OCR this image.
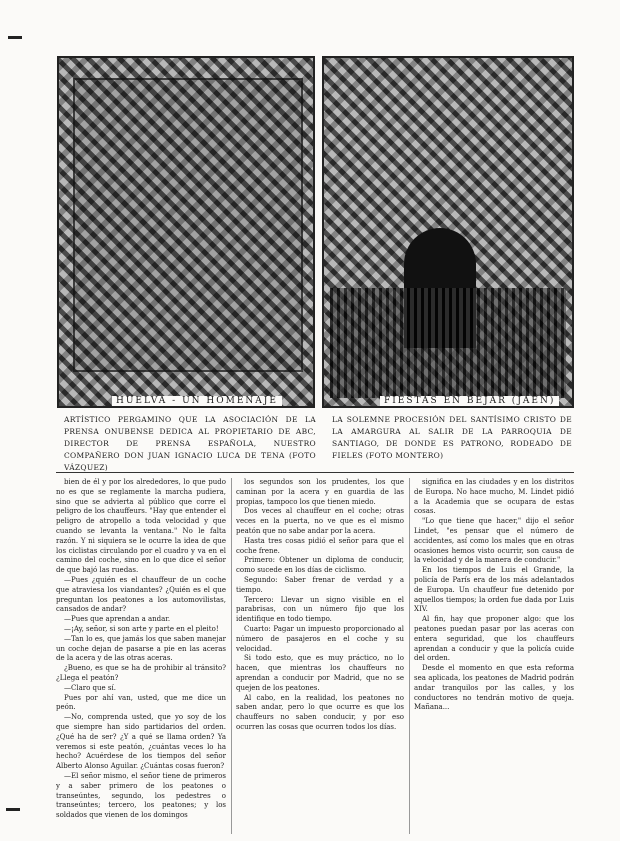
HUELVA - UN HOMENAJE	FIESTAS EN BÉJAR (JAÉN)
ARTÍSTICO PERGAMINO QUE LA ASOCIACIÓN DE LA PRENSA ONUBENSE DEDICA AL PROPIETARIO DE ABC, DIRECTOR DE PRENSA ESPAÑOLA, NUESTRO COMPAÑERO DON JUAN IGNACIO LUCA DE TENA (FOTO VÁZQUEZ)
LA SOLEMNE PROCESIÓN DEL SANTÍSIMO CRISTO DE LA AMARGURA AL SALIR DE LA PARROQUIA DE SANTIAGO, DE DONDE ES PATRONO, RODEADO DE FIELES (FOTO MONTERO)

bien de él y por los alrededores, lo que pudo no es que se reglamente la marcha pudiera, sino que se advierta al público que corre el peligro de los chauffeurs. "Hay que entender el peligro de atropello a toda velocidad y que cuando se levanta la ventana." No le falta razón. Y ni siquiera se le ocurre la idea de que los ciclistas circulando por el cuadro y va en el camino del coche, sino en lo que dice el señor de que bajó las ruedas.

—Pues ¿quién es el chauffeur de un coche que atraviesa los viandantes? ¿Quién es el que preguntan los peatones a los automovilistas, cansados de andar?

—Pues que aprendan a andar.

—¡Ay, señor, si son arte y parte en el pleito!

—Tan lo es, que jamás los que saben manejar un coche dejan de pasarse a pie en las aceras de la acera y de las otras aceras.

¿Bueno, es que se ha de prohibir al tránsito? ¿Llega el peatón?

—Claro que sí.

Pues por ahí van, usted, que me dice un peón.

—No, comprenda usted, que yo soy de los que siempre han sido partidarios del orden. ¿Qué ha de ser? ¿Y a qué se llama orden? Ya veremos si este peatón, ¿cuántas veces lo ha hecho? Acuérdese de los tiempos del señor Alberto Alonso Aguilar. ¿Cuántas cosas fueron?

—El señor mismo, el señor tiene de primeros y a saber primero de los peatones o transeúntes, segundo, los pedestres o transeúntes; tercero, los peatones; y los soldados que vienen de los domingos

los segundos son los prudentes, los que caminan por la acera y en guardia de las propias, tampoco los que tienen miedo.

Dos veces al chauffeur en el coche; otras veces en la puerta, no ve que es el mismo peatón que no sabe andar por la acera.

Hasta tres cosas pidió el señor para que el coche frene.

Primero: Obtener un diploma de conducir, como sucede en los días de ciclismo.

Segundo: Saber frenar de verdad y a tiempo.

Tercero: Llevar un signo visible en el parabrisas, con un número fijo que los identifique en todo tiempo.

Cuarto: Pagar un impuesto proporcionado al número de pasajeros en el coche y su velocidad.

Si todo esto, que es muy práctico, no lo hacen, que mientras los chauffeurs no aprendan a conducir por Madrid, que no se quejen de los peatones.

Al cabo, en la realidad, los peatones no saben andar, pero lo que ocurre es que los chauffeurs no saben conducir, y por eso ocurren las cosas que ocurren todos los días.

significa en las ciudades y en los distritos de Europa. No hace mucho, M. Lindet pidió a la Academia que se ocupara de estas cosas.

"Lo que tiene que hacer," dijo el señor Lindet, "es pensar que el número de accidentes, así como los males que en otras ocasiones hemos visto ocurrir, son causa de la velocidad y de la manera de conducir."

En los tiempos de Luis el Grande, la policía de París era de los más adelantados de Europa. Un chauffeur fue detenido por aquellos tiempos; la orden fue dada por Luis XIV.

Al fin, hay que proponer algo: que los peatones puedan pasar por las aceras con entera seguridad, que los chauffeurs aprendan a conducir y que la policía cuide del orden.

Desde el momento en que esta reforma sea aplicada, los peatones de Madrid podrán andar tranquilos por las calles, y los conductores no tendrán motivo de queja. Mañana...
